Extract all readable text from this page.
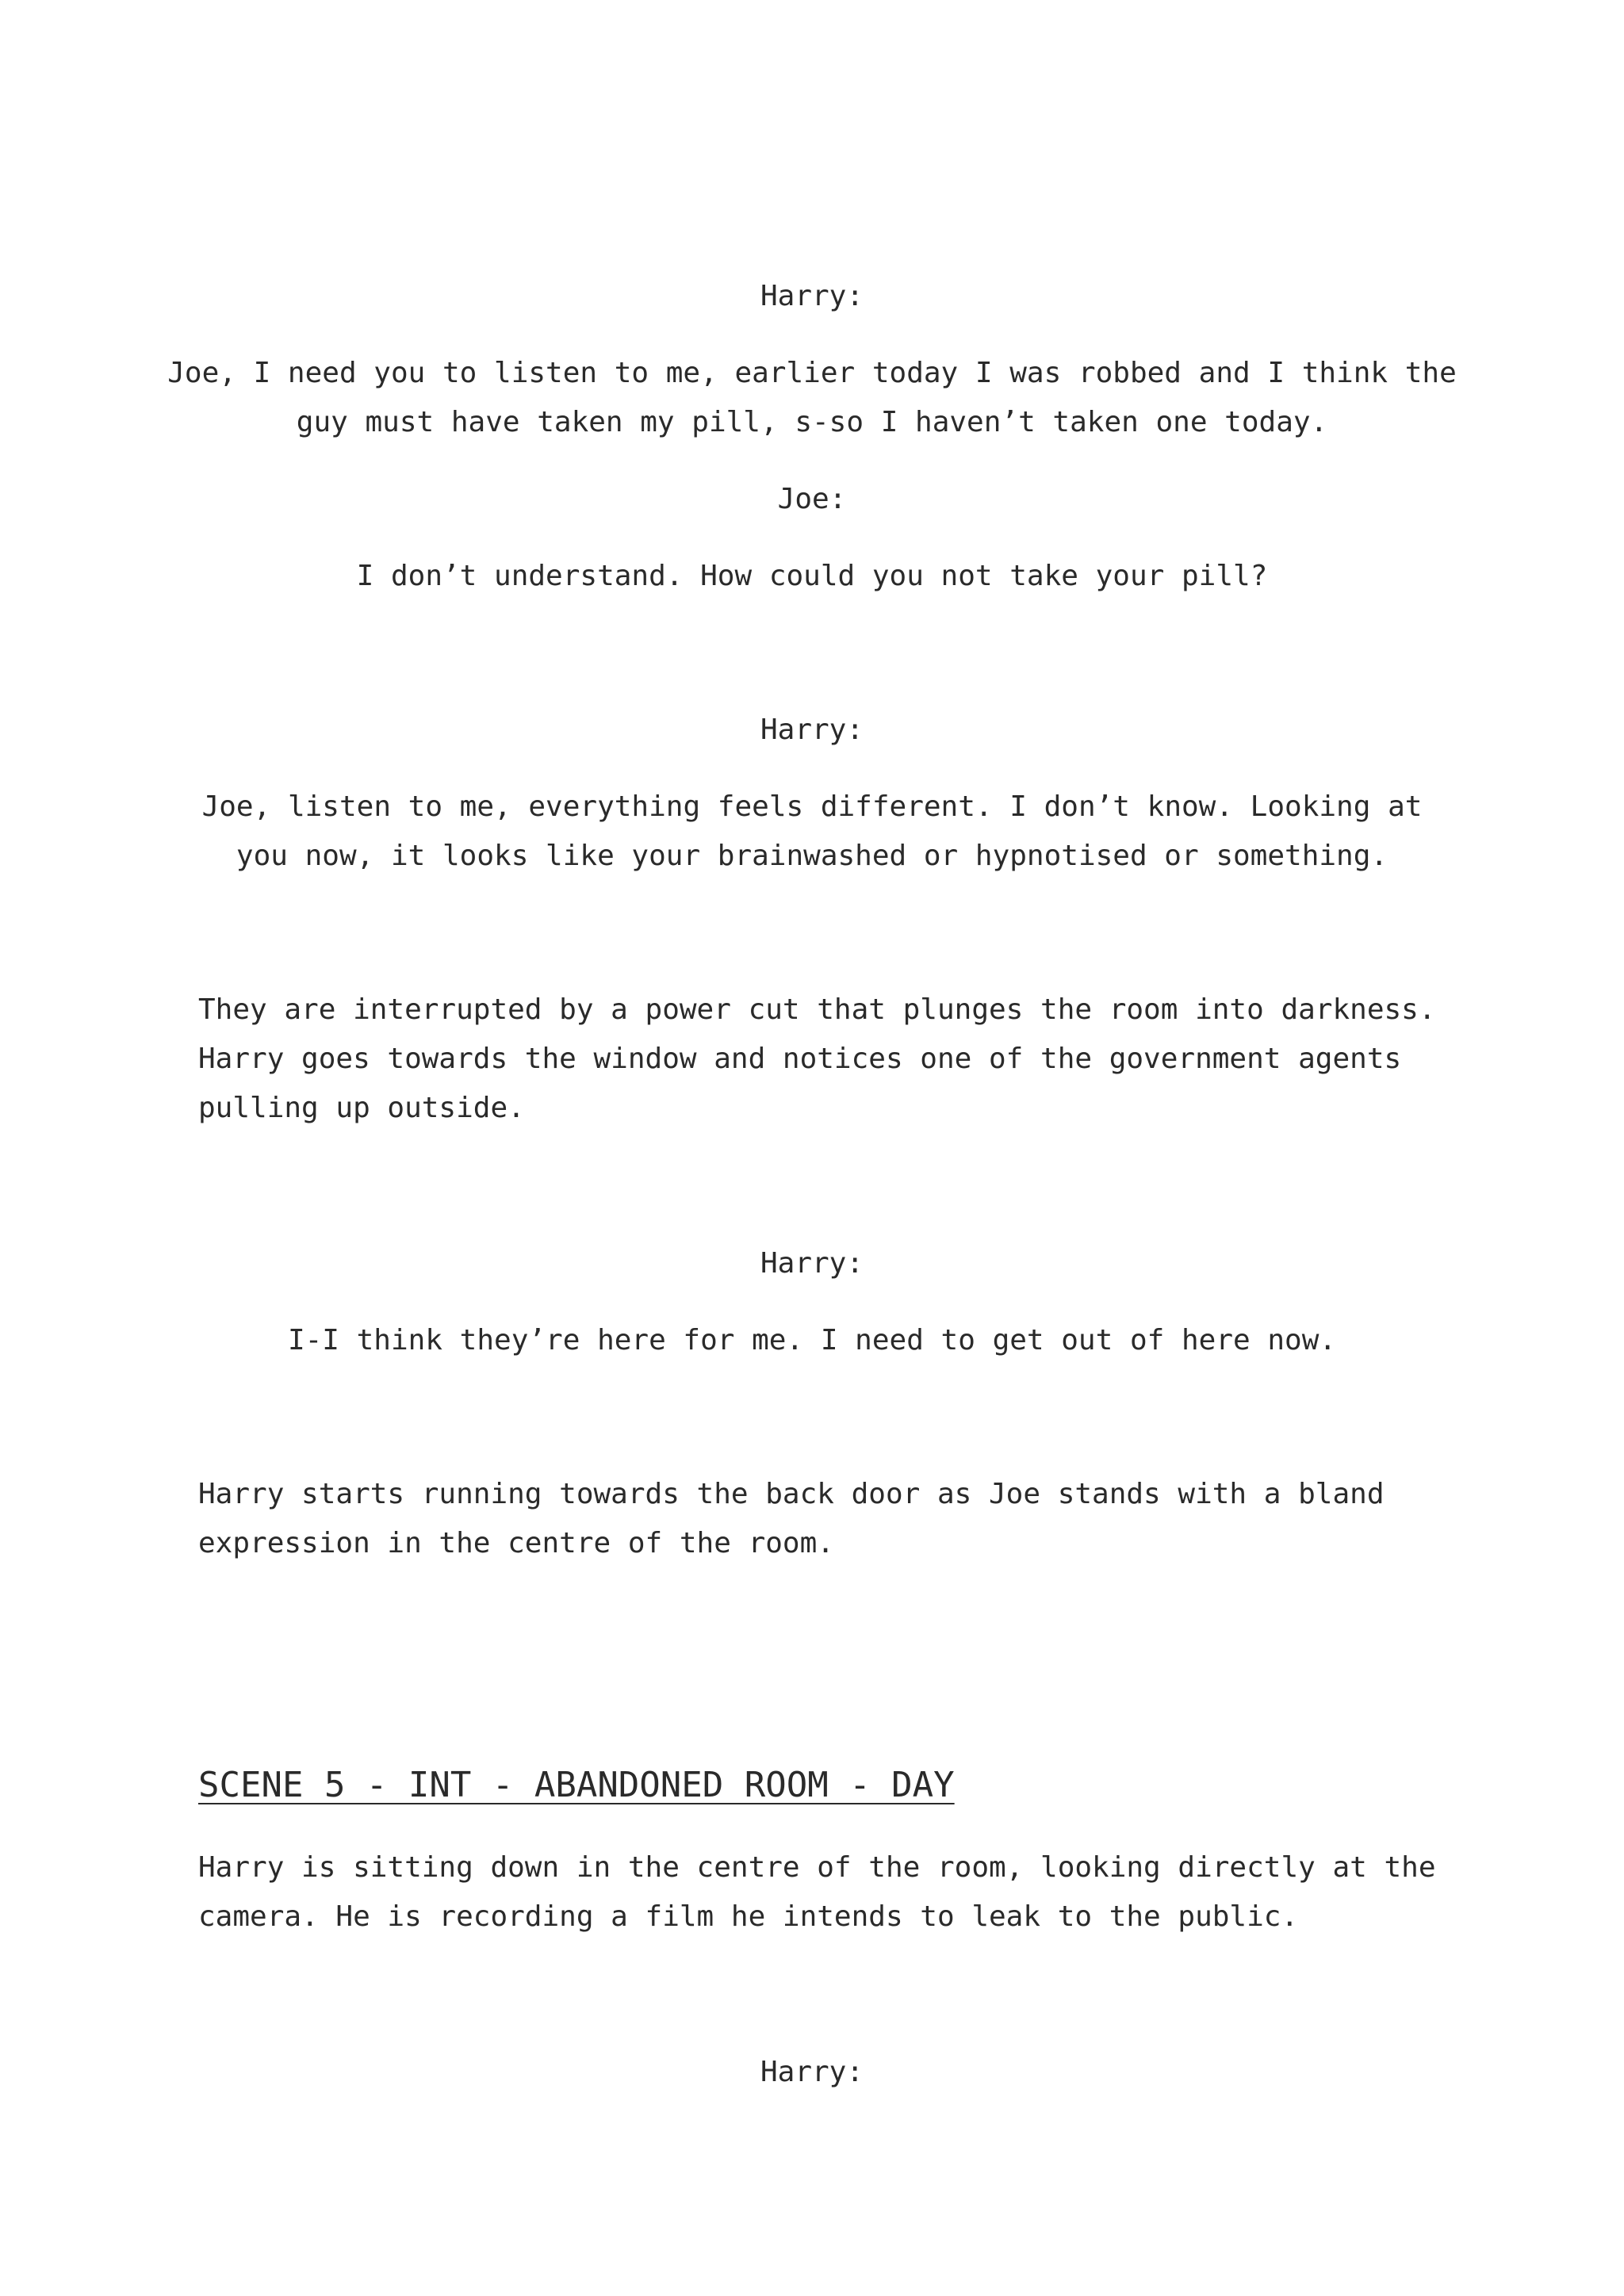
Harry:

Joe, I need you to listen to me, earlier today I was robbed and I think the

guy must have taken my pill, s-so I haven’t taken one today.

Joe:

I don’t understand. How could you not take your pill?

Harry:

Joe, listen to me, everything feels different. I don’t know. Looking at

you now, it looks like your brainwashed or hypnotised or something.

They are interrupted by a power cut that plunges the room into darkness.

Harry goes towards the window and notices one of the government agents

pulling up outside.

Harry:

I-I think they’re here for me. I need to get out of here now.

Harry starts running towards the back door as Joe stands with a bland

expression in the centre of the room.

SCENE 5 - INT - ABANDONED ROOM - DAY

Harry is sitting down in the centre of the room, looking directly at the

camera. He is recording a film he intends to leak to the public.

Harry:
